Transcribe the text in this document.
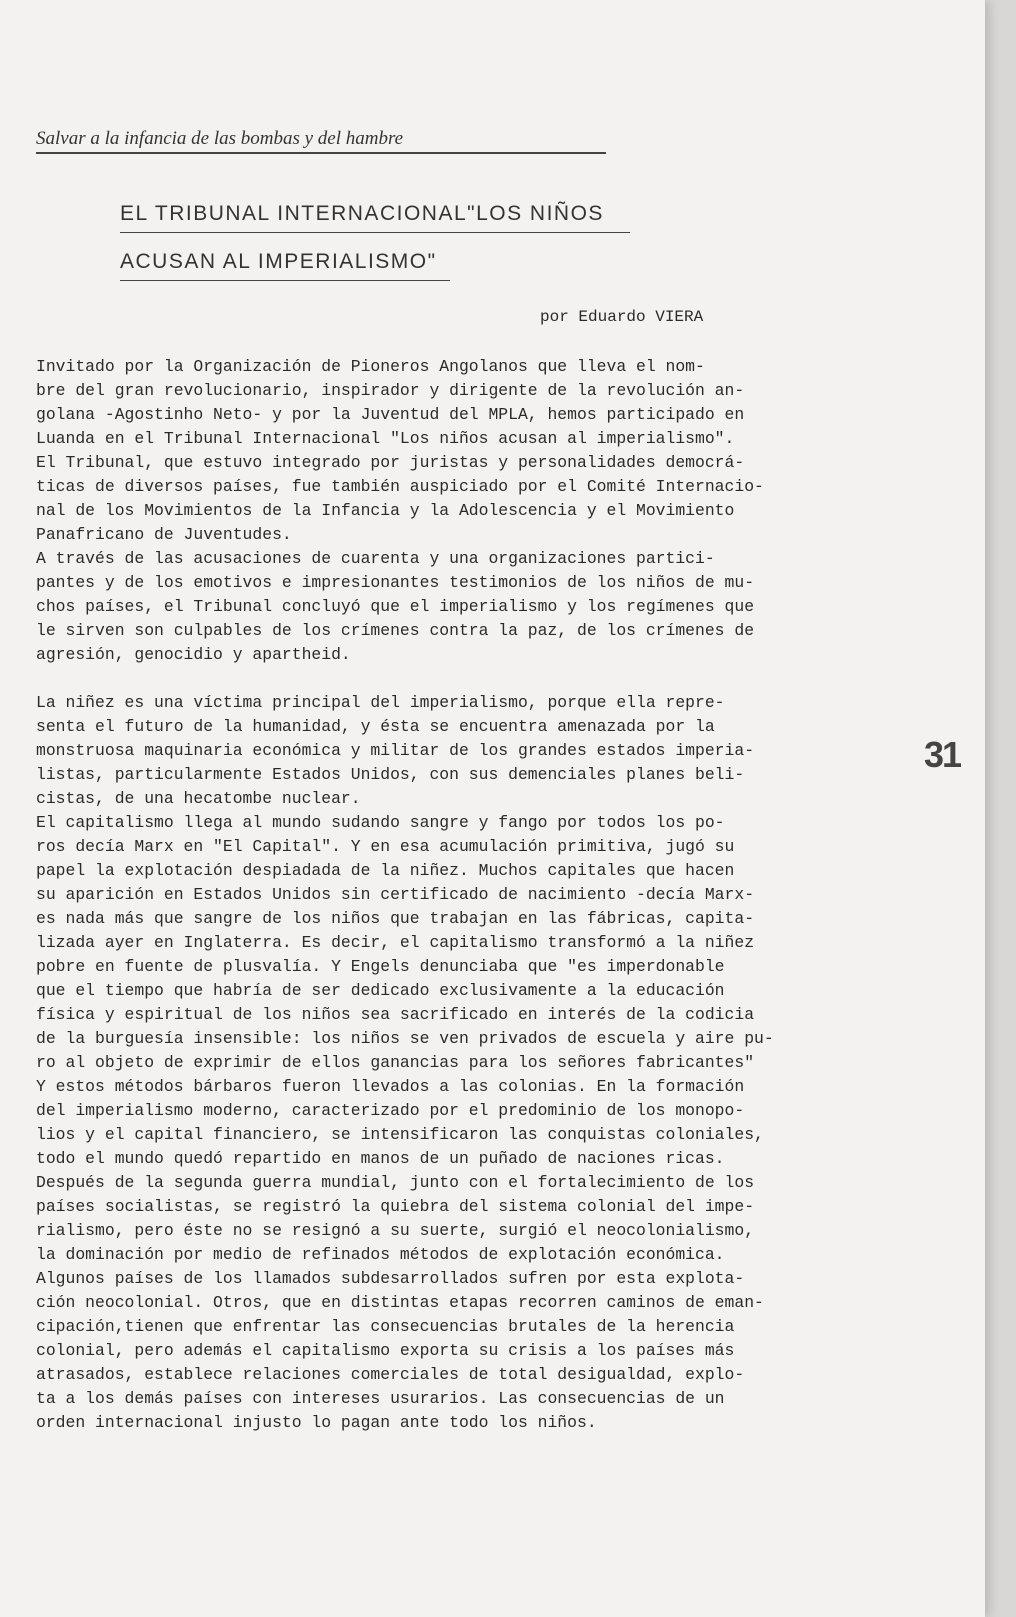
Salvar a la infancia de las bombas y del hambre
EL TRIBUNAL INTERNACIONAL"LOS NIÑOS
ACUSAN AL IMPERIALISMO"
por Eduardo VIERA
Invitado por la Organización de Pioneros Angolanos que lleva el nom-
bre del gran revolucionario, inspirador y dirigente de la revolución an-
golana -Agostinho Neto- y por la Juventud del MPLA, hemos participado en
Luanda en el Tribunal Internacional "Los niños acusan al imperialismo".
El Tribunal, que estuvo integrado por juristas y personalidades democrá-
ticas de diversos países, fue también auspiciado por el Comité Internacio-
nal de los Movimientos de la Infancia y la Adolescencia y el Movimiento
Panafricano de Juventudes.
A través de las acusaciones de cuarenta y una organizaciones partici-
pantes y de los emotivos e impresionantes testimonios de los niños de mu-
chos países, el Tribunal concluyó que el imperialismo y los regímenes que
le sirven son culpables de los crímenes contra la paz, de los crímenes de
agresión, genocidio y apartheid.
La niñez es una víctima principal del imperialismo, porque ella repre-
senta el futuro de la humanidad, y ésta se encuentra amenazada por la
monstruosa maquinaria económica y militar de los grandes estados imperia-
listas, particularmente Estados Unidos, con sus demenciales planes beli-
cistas, de una hecatombe nuclear.
El capitalismo llega al mundo sudando sangre y fango por todos los po-
ros decía Marx en "El Capital". Y en esa acumulación primitiva, jugó su
papel la explotación despiadada de la niñez. Muchos capitales que hacen
su aparición en Estados Unidos sin certificado de nacimiento -decía Marx-
es nada más que sangre de los niños que trabajan en las fábricas, capita-
lizada ayer en Inglaterra. Es decir, el capitalismo transformó a la niñez
pobre en fuente de plusvalía. Y Engels denunciaba que "es imperdonable
que el tiempo que habría de ser dedicado exclusivamente a la educación
física y espiritual de los niños sea sacrificado en interés de la codicia
de la burguesía insensible: los niños se ven privados de escuela y aire pu-
ro al objeto de exprimir de ellos ganancias para los señores fabricantes"
Y estos métodos bárbaros fueron llevados a las colonias. En la formación
del imperialismo moderno, caracterizado por el predominio de los monopo-
lios y el capital financiero, se intensificaron las conquistas coloniales,
todo el mundo quedó repartido en manos de un puñado de naciones ricas.
Después de la segunda guerra mundial, junto con el fortalecimiento de los
países socialistas, se registró la quiebra del sistema colonial del impe-
rialismo, pero éste no se resignó a su suerte, surgió el neocolonialismo,
la dominación por medio de refinados métodos de explotación económica.
Algunos países de los llamados subdesarrollados sufren por esta explota-
ción neocolonial. Otros, que en distintas etapas recorren caminos de eman-
cipación,tienen que enfrentar las consecuencias brutales de la herencia
colonial, pero además el capitalismo exporta su crisis a los países más
atrasados, establece relaciones comerciales de total desigualdad, explo-
ta a los demás países con intereses usurarios. Las consecuencias de un
orden internacional injusto lo pagan ante todo los niños.
31
